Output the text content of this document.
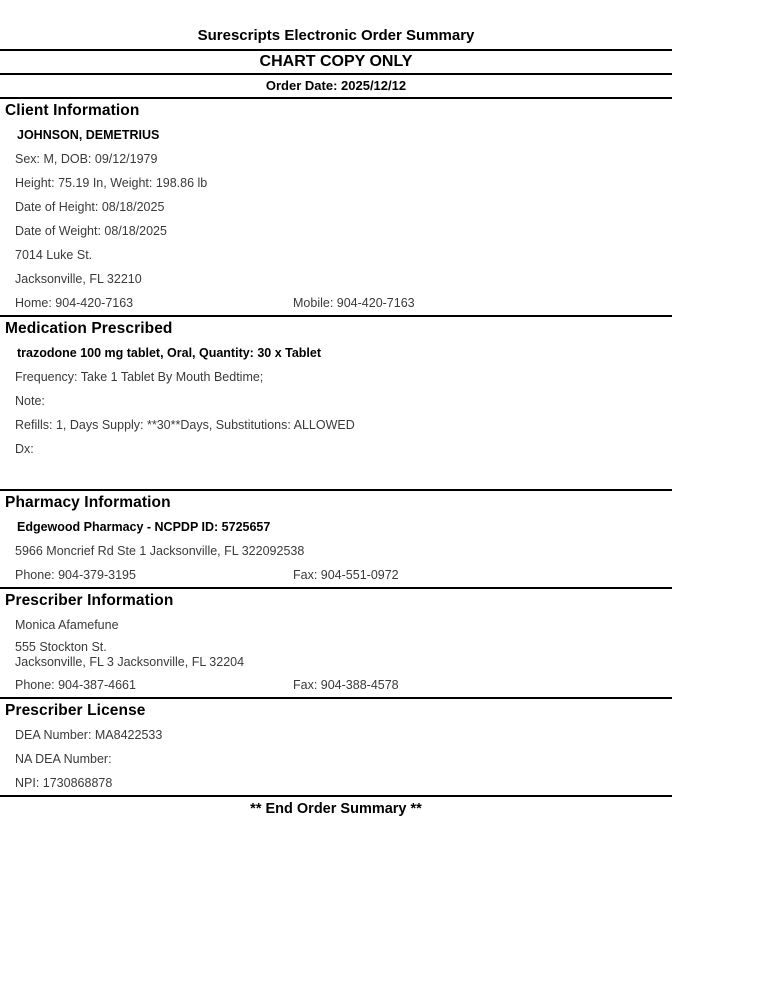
Surescripts Electronic Order Summary
CHART COPY ONLY
Order Date: 2025/12/12
Client Information
JOHNSON, DEMETRIUS
Sex: M, DOB: 09/12/1979
Height: 75.19 In, Weight: 198.86 lb
Date of Height: 08/18/2025
Date of Weight: 08/18/2025
7014 Luke St.
Jacksonville, FL 32210
Home: 904-420-7163	Mobile: 904-420-7163
Medication Prescribed
trazodone 100 mg tablet, Oral, Quantity: 30 x Tablet
Frequency: Take 1 Tablet By Mouth Bedtime;
Note:
Refills: 1, Days Supply: **30**Days, Substitutions: ALLOWED
Dx:
Pharmacy Information
Edgewood Pharmacy - NCPDP ID: 5725657
5966 Moncrief Rd Ste 1 Jacksonville, FL 322092538
Phone: 904-379-3195	Fax: 904-551-0972
Prescriber Information
Monica Afamefune
555 Stockton St.
Jacksonville, FL 3 Jacksonville, FL 32204
Phone: 904-387-4661	Fax: 904-388-4578
Prescriber License
DEA Number: MA8422533
NA DEA Number:
NPI: 1730868878
** End Order Summary **
